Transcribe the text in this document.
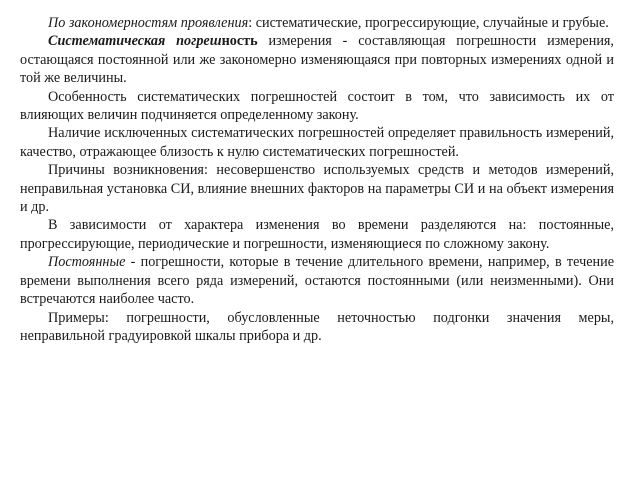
По закономерностям проявления: систематические, прогрессирующие, случайные и грубые.

Систематическая погрешность измерения - составляющая погрешности измерения, остающаяся постоянной или же закономерно изменяющаяся при повторных измерениях одной и той же величины.

Особенность систематических погрешностей состоит в том, что зависимость их от влияющих величин подчиняется определенному закону.

Наличие исключенных систематических погрешностей определяет правильность измерений, качество, отражающее близость к нулю систематических погрешностей.

Причины возникновения: несовершенство используемых средств и методов измерений, неправильная установка СИ, влияние внешних факторов на параметры СИ и на объект измерения и др.

В зависимости от характера изменения во времени разделяются на: постоянные, прогрессирующие, периодические и погрешности, изменяющиеся по сложному закону.

Постоянные - погрешности, которые в течение длительного времени, например, в течение времени выполнения всего ряда измерений, остаются постоянными (или неизменными). Они встречаются наиболее часто.

Примеры: погрешности, обусловленные неточностью подгонки значения меры, неправильной градуировкой шкалы прибора и др.
